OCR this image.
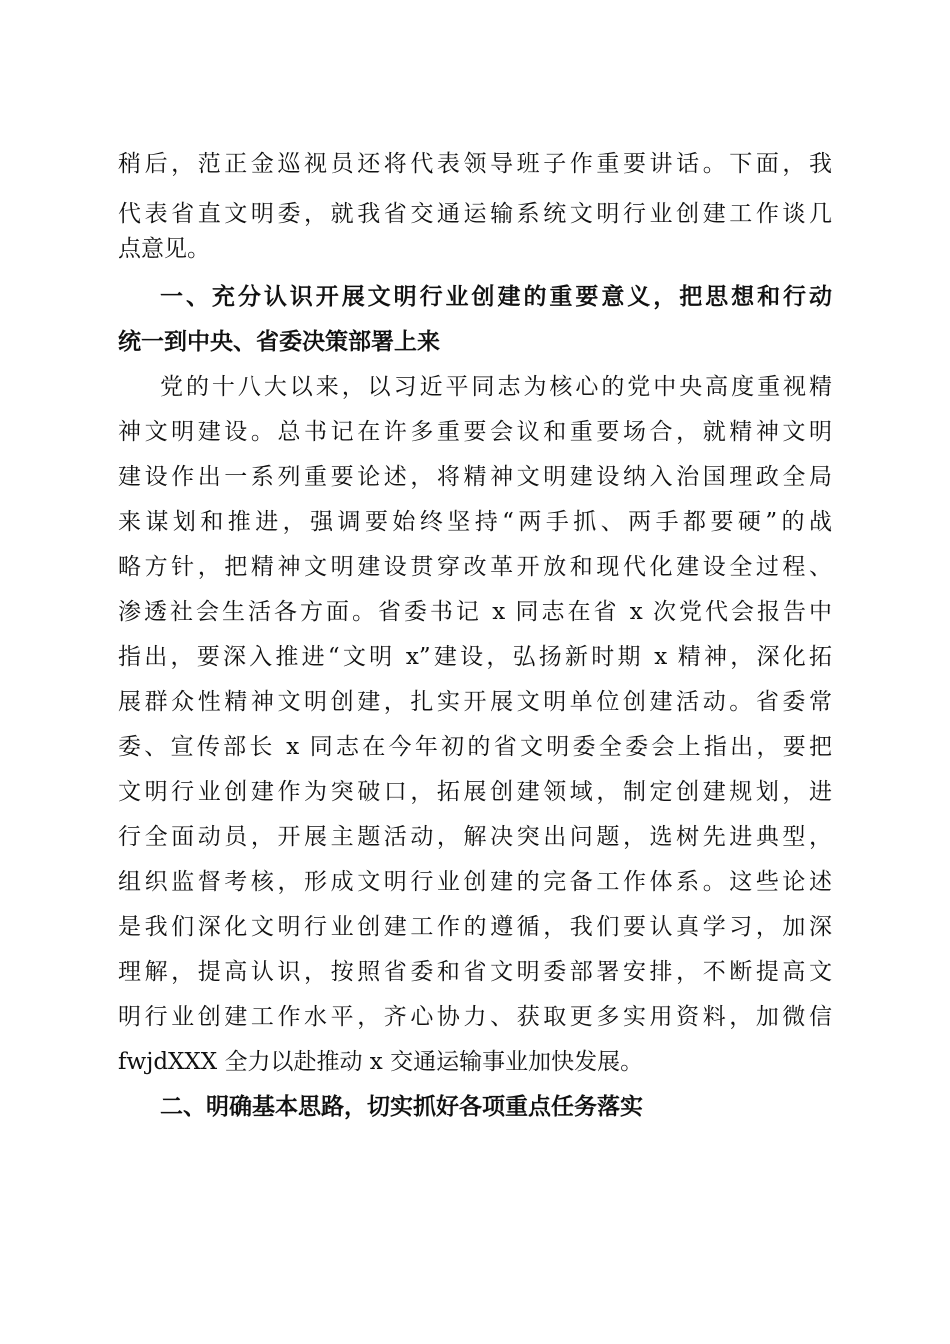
稍后，范正金巡视员还将代表领导班子作重要讲话。下面，我
代表省直文明委，就我省交通运输系统文明行业创建工作谈几
点意见。
一、充分认识开展文明行业创建的重要意义，把思想和行动
统一到中央、省委决策部署上来
党的十八大以来，以习近平同志为核心的党中央高度重视精
神文明建设。总书记在许多重要会议和重要场合，就精神文明
建设作出一系列重要论述，将精神文明建设纳入治国理政全局
来谋划和推进，强调要始终坚持“两手抓、两手都要硬”的战
略方针，把精神文明建设贯穿改革开放和现代化建设全过程、
渗透社会生活各方面。省委书记 x 同志在省 x 次党代会报告中
指出，要深入推进“文明 x”建设，弘扬新时期 x 精神，深化拓
展群众性精神文明创建，扎实开展文明单位创建活动。省委常
委、宣传部长 x 同志在今年初的省文明委全委会上指出，要把
文明行业创建作为突破口，拓展创建领域，制定创建规划，进
行全面动员，开展主题活动，解决突出问题，选树先进典型，
组织监督考核，形成文明行业创建的完备工作体系。这些论述
是我们深化文明行业创建工作的遵循，我们要认真学习，加深
理解，提高认识，按照省委和省文明委部署安排，不断提高文
明行业创建工作水平，齐心协力、获取更多实用资料，加微信
fwjdXXX 全力以赴推动 x 交通运输事业加快发展。
二、明确基本思路，切实抓好各项重点任务落实
